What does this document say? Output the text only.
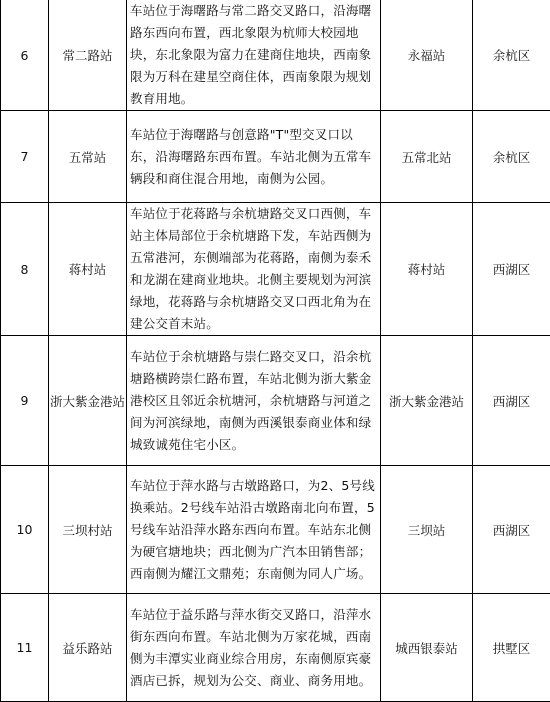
6	常二路站	车站位于海曙路与常二路交叉路口，沿海曙路东西向布置，西北象限为杭师大校园地块，东北象限为富力在建商住地块，西南象限为万科在建星空商住体，西南象限为规划教育用地。	永福站	余杭区
7	五常站	车站位于海曙路与创意路"T"型交叉口以东，沿海曙路东西布置。车站北侧为五常车辆段和商住混合用地，南侧为公园。	五常北站	余杭区
8	蒋村站	车站位于花蒋路与余杭塘路交叉口西侧，车站主体局部位于余杭塘路下发，车站西侧为五常港河，东侧端部为花蒋路，南侧为泰禾和龙湖在建商业地块。北侧主要规划为河滨绿地，花蒋路与余杭塘路交叉口西北角为在建公交首末站。	蒋村站	西湖区
9	浙大紫金港站	车站位于余杭塘路与崇仁路交叉口，沿余杭塘路横跨崇仁路布置，车站北侧为浙大紫金港校区且邻近余杭塘河，余杭塘路与河道之间为河滨绿地，南侧为西溪银泰商业体和绿城致诚苑住宅小区。	浙大紫金港站	西湖区
10	三坝村站	车站位于萍水路与古墩路路口，为2、5号线换乘站。2号线车站沿古墩路南北向布置，5号线车站沿萍水路东西向布置。车站东北侧为硬官塘地块；西北侧为广汽本田销售部；西南侧为耀江文鼎苑；东南侧为同人广场。	三坝站	西湖区
11	益乐路站	车站位于益乐路与萍水街交叉路口，沿萍水街东西向布置。车站北侧为万家花城，西南侧为丰潭实业商业综合用房，东南侧原宾豪酒店已拆，规划为公交、商业、商务用地。	城西银泰站	拱墅区
